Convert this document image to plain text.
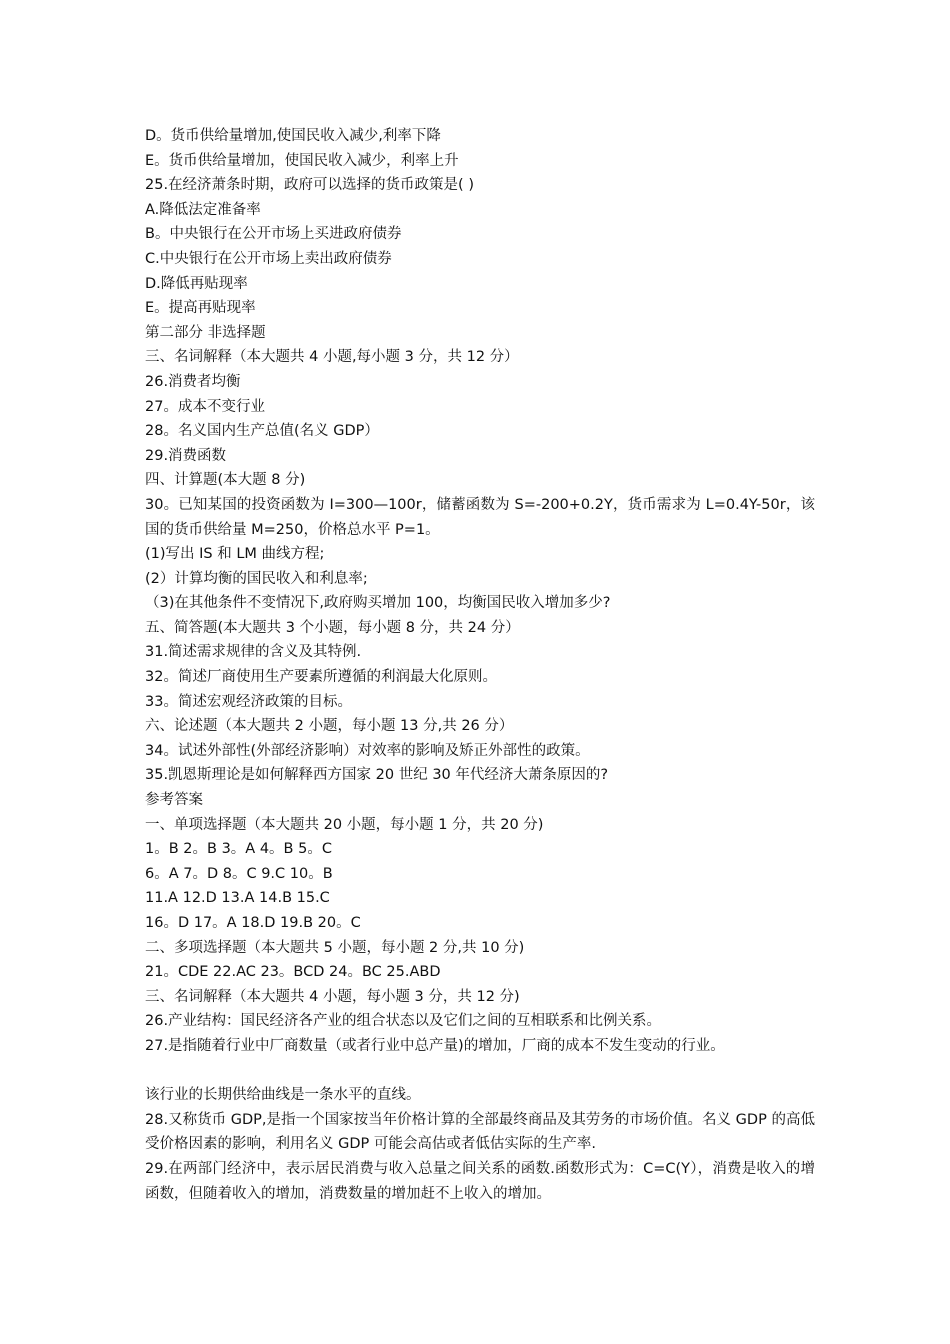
D。货币供给量增加,使国民收入减少,利率下降
E。货币供给量增加，使国民收入减少，利率上升
25.在经济萧条时期，政府可以选择的货币政策是( )
A.降低法定准备率
B。中央银行在公开市场上买进政府债券
C.中央银行在公开市场上卖出政府债券
D.降低再贴现率
E。提高再贴现率
第二部分 非选择题
三、名词解释（本大题共 4 小题,每小题 3 分，共 12 分）
26.消费者均衡
27。成本不变行业
28。名义国内生产总值(名义 GDP）
29.消费函数
四、计算题(本大题 8 分)
30。已知某国的投资函数为 I=300—100r，储蓄函数为 S=-200+0.2Y，货币需求为 L=0.4Y-50r，该国的货币供给量 M=250，价格总水平 P=1。
(1)写出 IS 和 LM 曲线方程;
(2）计算均衡的国民收入和利息率;
（3)在其他条件不变情况下,政府购买增加 100，均衡国民收入增加多少?
五、简答题(本大题共 3 个小题，每小题 8 分，共 24 分）
31.简述需求规律的含义及其特例.
32。简述厂商使用生产要素所遵循的利润最大化原则。
33。简述宏观经济政策的目标。
六、论述题（本大题共 2 小题，每小题 13 分,共 26 分）
34。试述外部性(外部经济影响）对效率的影响及矫正外部性的政策。
35.凯恩斯理论是如何解释西方国家 20 世纪 30 年代经济大萧条原因的?
参考答案
一、单项选择题（本大题共 20 小题，每小题 1 分，共 20 分)
1。B 2。B 3。A 4。B 5。C
6。A 7。D 8。C 9.C 10。B
11.A 12.D 13.A 14.B 15.C
16。D 17。A 18.D 19.B 20。C
二、多项选择题（本大题共 5 小题，每小题 2 分,共 10 分)
21。CDE 22.AC 23。BCD 24。BC 25.ABD
三、名词解释（本大题共 4 小题，每小题 3 分，共 12 分)
26.产业结构：国民经济各产业的组合状态以及它们之间的互相联系和比例关系。
27.是指随着行业中厂商数量（或者行业中总产量)的增加，厂商的成本不发生变动的行业。
该行业的长期供给曲线是一条水平的直线。
28.又称货币 GDP,是指一个国家按当年价格计算的全部最终商品及其劳务的市场价值。名义 GDP 的高低受价格因素的影响，利用名义 GDP 可能会高估或者低估实际的生产率.
29.在两部门经济中，表示居民消费与收入总量之间关系的函数.函数形式为：C=C(Y），消费是收入的增函数，但随着收入的增加，消费数量的增加赶不上收入的增加。
